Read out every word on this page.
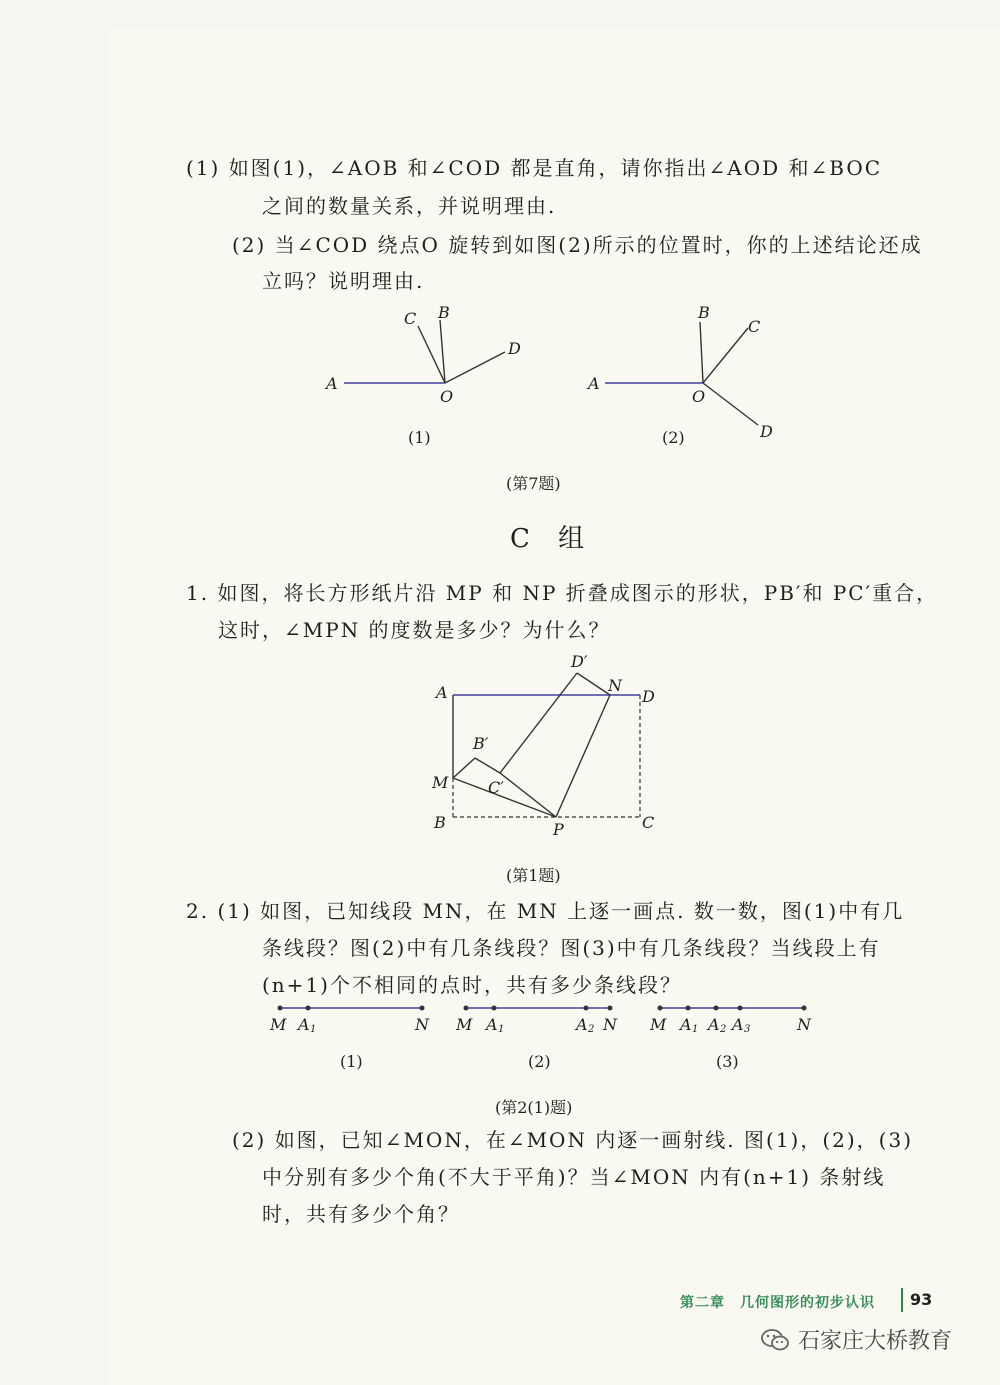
(1) 如图(1)，∠AOB 和∠COD 都是直角，请你指出∠AOD 和∠BOC
之间的数量关系，并说明理由.
(2) 当∠COD 绕点O 旋转到如图(2)所示的位置时，你的上述结论还成
立吗？说明理由.
A
B
C
D
O
A
B
C
D
O
(1)	(2)
(第7题)
C 组
1. 如图，将长方形纸片沿 MP 和 NP 折叠成图示的形状，PB′和 PC′重合，
这时，∠MPN 的度数是多少？为什么？
A
B	C
D
M
N
P
B′
C′
D′
(第1题)
2. (1) 如图，已知线段 MN，在 MN 上逐一画点. 数一数，图(1)中有几
条线段？图(2)中有几条线段？图(3)中有几条线段？当线段上有
(n+1)个不相同的点时，共有多少条线段？
M A 1	N M A 1	A 2 N M A 1 A 2 A 3	N
(1)	(2)	(3)
(第2(1)题)
(2) 如图，已知∠MON，在∠MON 内逐一画射线. 图(1)，(2)，(3)
中分别有多少个角(不大于平角)？当∠MON 内有(n+1) 条射线
时，共有多少个角？
第二章　几何图形的初步认识 93
石家庄大桥教育
